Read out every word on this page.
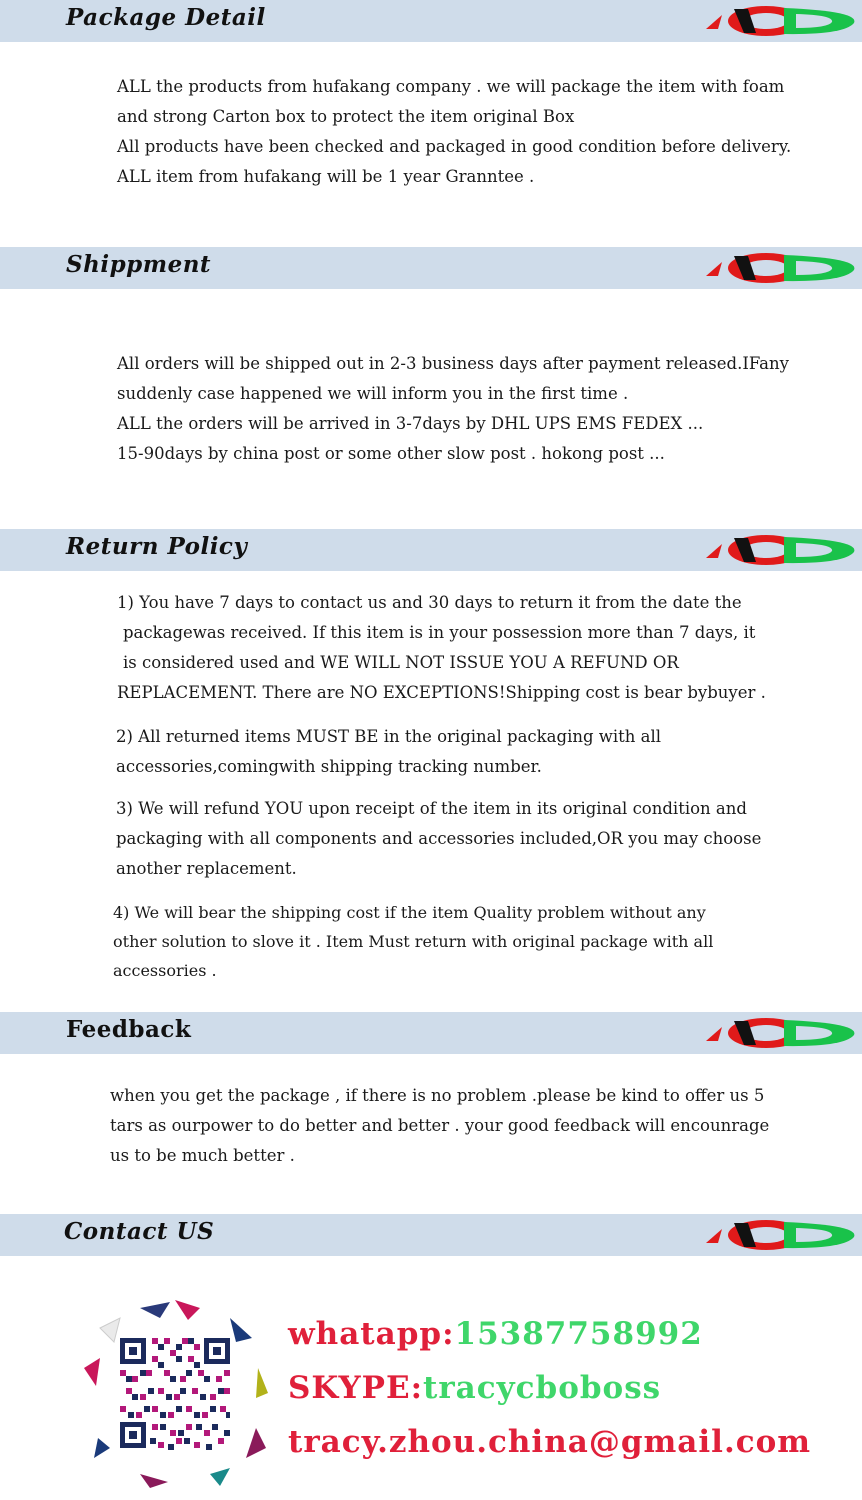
Package Detail
ALL the products from hufakang company . we will package the item with foam
and strong Carton box to protect the item original Box
All products have been checked and packaged in good condition before delivery.
ALL item from hufakang will be 1 year Granntee .
Shippment
All orders will be shipped out in 2-3 business days after payment released.IFany
suddenly case happened we will inform you in the first time .
ALL the orders will be arrived in 3-7days by DHL UPS EMS FEDEX ...
15-90days by china post or some other slow post . hokong post ...
Return Policy
1) You have 7 days to contact us and 30 days to return it from the date the
packagewas received. If this item is in your possession more than 7 days, it
is considered used and WE WILL NOT ISSUE YOU A REFUND OR
REPLACEMENT. There are NO EXCEPTIONS!Shipping cost is bear bybuyer .
2) All returned items MUST BE in the original packaging with all
accessories,comingwith shipping tracking number.
3) We will refund YOU upon receipt of the item in its original condition and
packaging with all components and accessories included,OR you may choose
another replacement.
4) We will bear the shipping cost if the item Quality problem without any
other solution to slove it . Item Must return with original package with all
accessories .
Feedback
when you get the package , if there is no problem .please be kind to offer us 5
tars as ourpower to do better and better . your good feedback will encounrage
us to be much better .
Contact US
whatapp:15387758992
SKYPE:tracycboboss
tracy.zhou.china@gmail.com
